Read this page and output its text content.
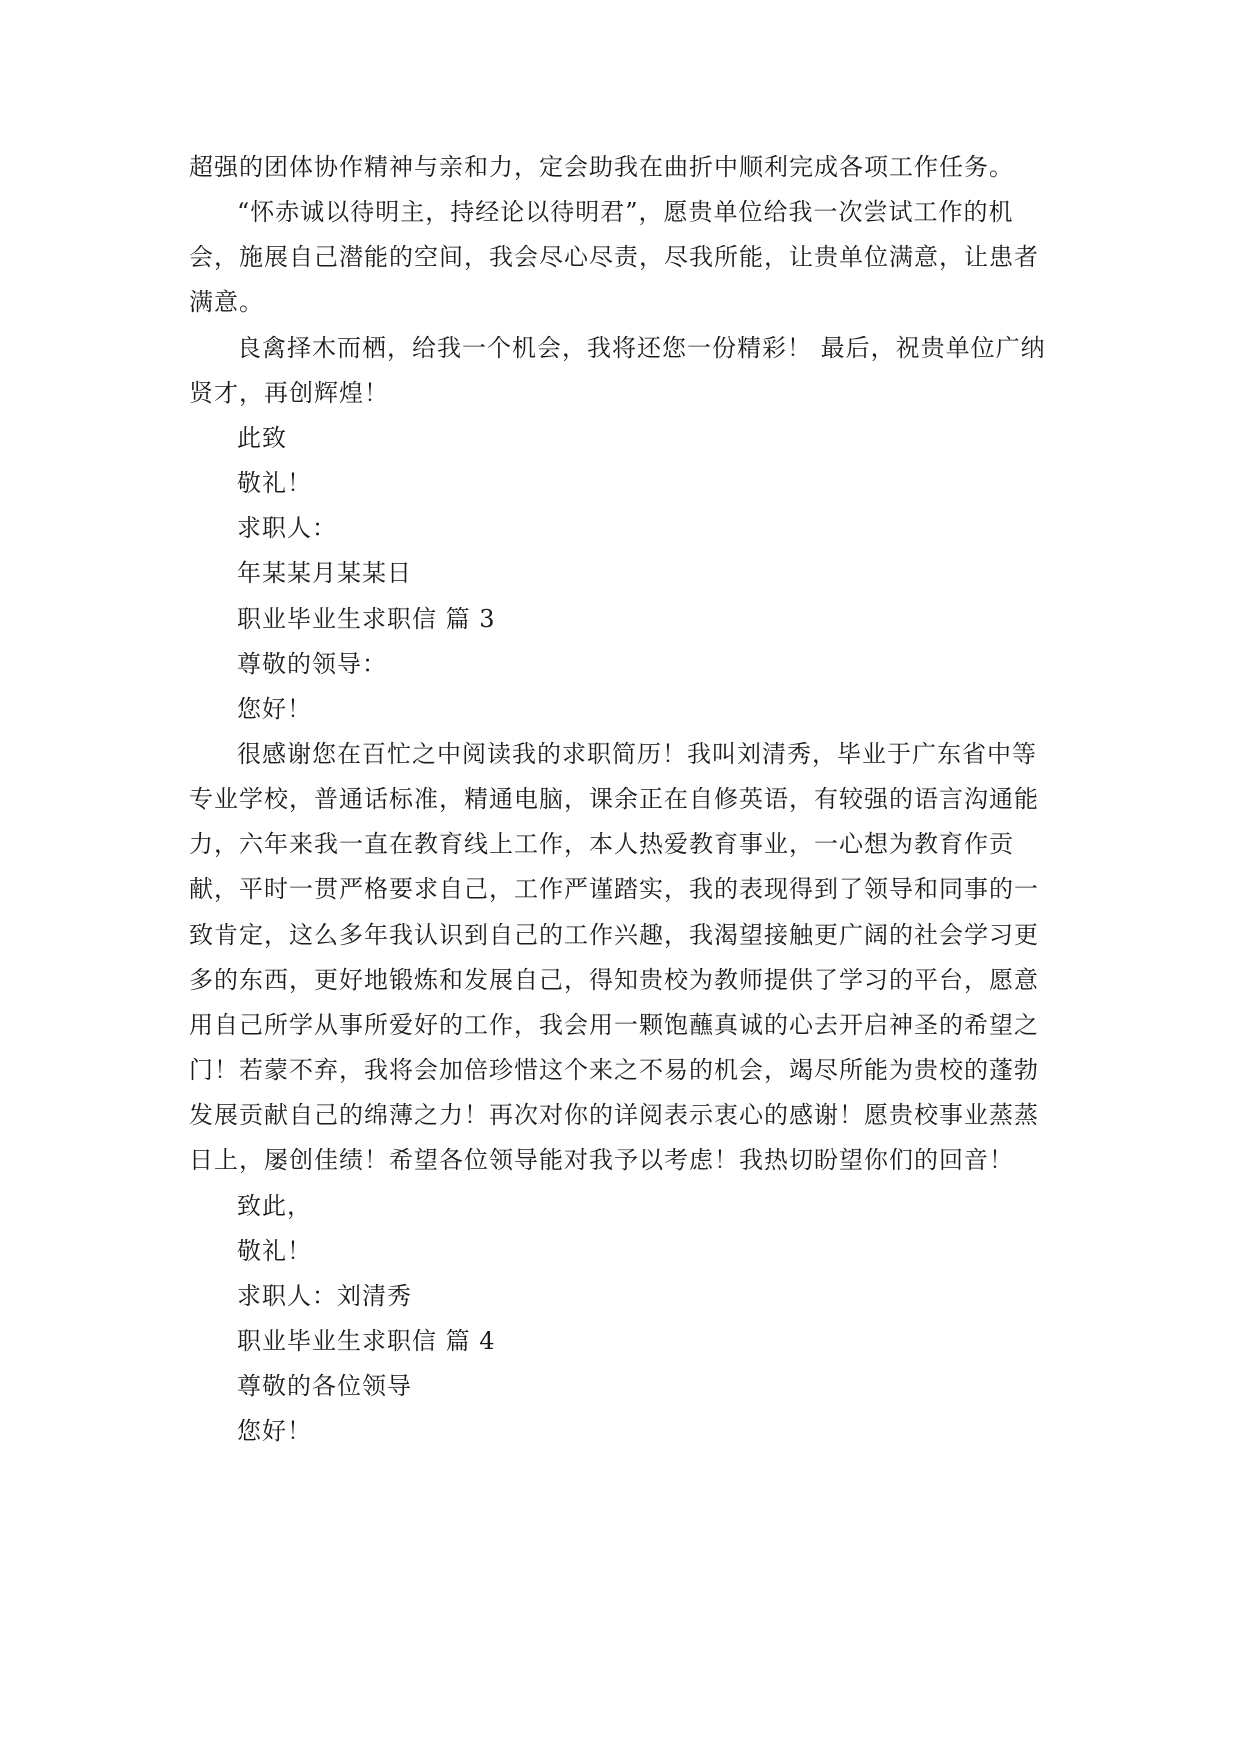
超强的团体协作精神与亲和力，定会助我在曲折中顺利完成各项工作任务。
“怀赤诚以待明主，持经论以待明君”，愿贵单位给我一次尝试工作的机
会，施展自己潜能的空间，我会尽心尽责，尽我所能，让贵单位满意，让患者
满意。
良禽择木而栖，给我一个机会，我将还您一份精彩！ 最后，祝贵单位广纳
贤才，再创辉煌！
此致
敬礼！
求职人：
年某某月某某日
职业毕业生求职信 篇 3
尊敬的领导：
您好！
很感谢您在百忙之中阅读我的求职简历！我叫刘清秀，毕业于广东省中等
专业学校，普通话标准，精通电脑，课余正在自修英语，有较强的语言沟通能
力，六年来我一直在教育线上工作，本人热爱教育事业，一心想为教育作贡
献，平时一贯严格要求自己，工作严谨踏实，我的表现得到了领导和同事的一
致肯定，这么多年我认识到自己的工作兴趣，我渴望接触更广阔的社会学习更
多的东西，更好地锻炼和发展自己，得知贵校为教师提供了学习的平台，愿意
用自己所学从事所爱好的工作，我会用一颗饱蘸真诚的心去开启神圣的希望之
门！若蒙不弃，我将会加倍珍惜这个来之不易的机会，竭尽所能为贵校的蓬勃
发展贡献自己的绵薄之力！再次对你的详阅表示衷心的感谢！愿贵校事业蒸蒸
日上，屡创佳绩！希望各位领导能对我予以考虑！我热切盼望你们的回音！
致此，
敬礼！
求职人：刘清秀
职业毕业生求职信 篇 4
尊敬的各位领导
您好！
